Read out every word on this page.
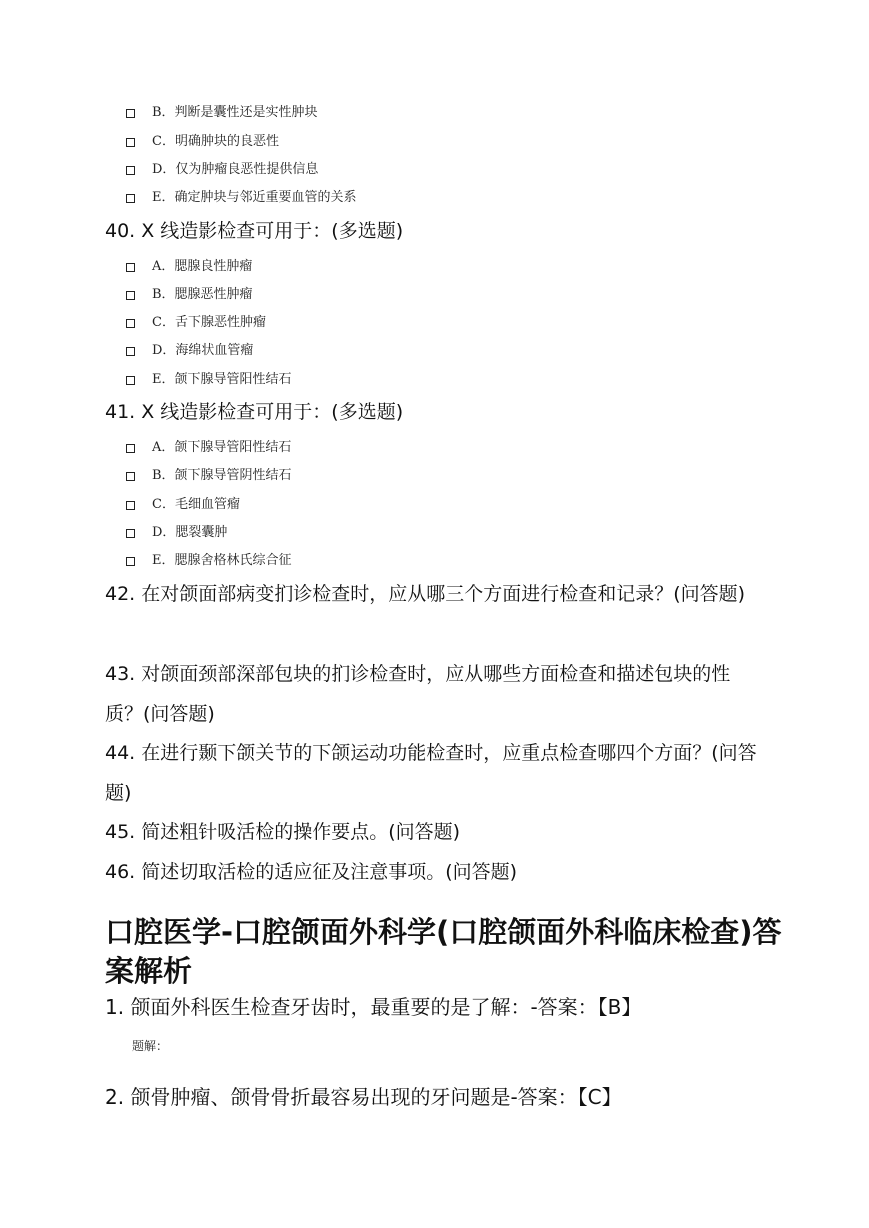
B．判断是囊性还是实性肿块
C．明确肿块的良恶性
D．仅为肿瘤良恶性提供信息
E．确定肿块与邻近重要血管的关系
40. X 线造影检查可用于：(多选题)
A．腮腺良性肿瘤
B．腮腺恶性肿瘤
C．舌下腺恶性肿瘤
D．海绵状血管瘤
E．颌下腺导管阳性结石
41. X 线造影检查可用于：(多选题)
A．颌下腺导管阳性结石
B．颌下腺导管阴性结石
C．毛细血管瘤
D．腮裂囊肿
E．腮腺舍格林氏综合征
42. 在对颌面部病变扪诊检查时，应从哪三个方面进行检查和记录？(问答题)
43. 对颌面颈部深部包块的扪诊检查时，应从哪些方面检查和描述包块的性质？(问答题)
44. 在进行颞下颌关节的下颌运动功能检查时，应重点检查哪四个方面？(问答题)
45. 简述粗针吸活检的操作要点。(问答题)
46. 简述切取活检的适应征及注意事项。(问答题)
口腔医学-口腔颌面外科学(口腔颌面外科临床检查)答案解析
1. 颌面外科医生检查牙齿时，最重要的是了解：-答案：【B】
题解：
2. 颌骨肿瘤、颌骨骨折最容易出现的牙问题是-答案：【C】
